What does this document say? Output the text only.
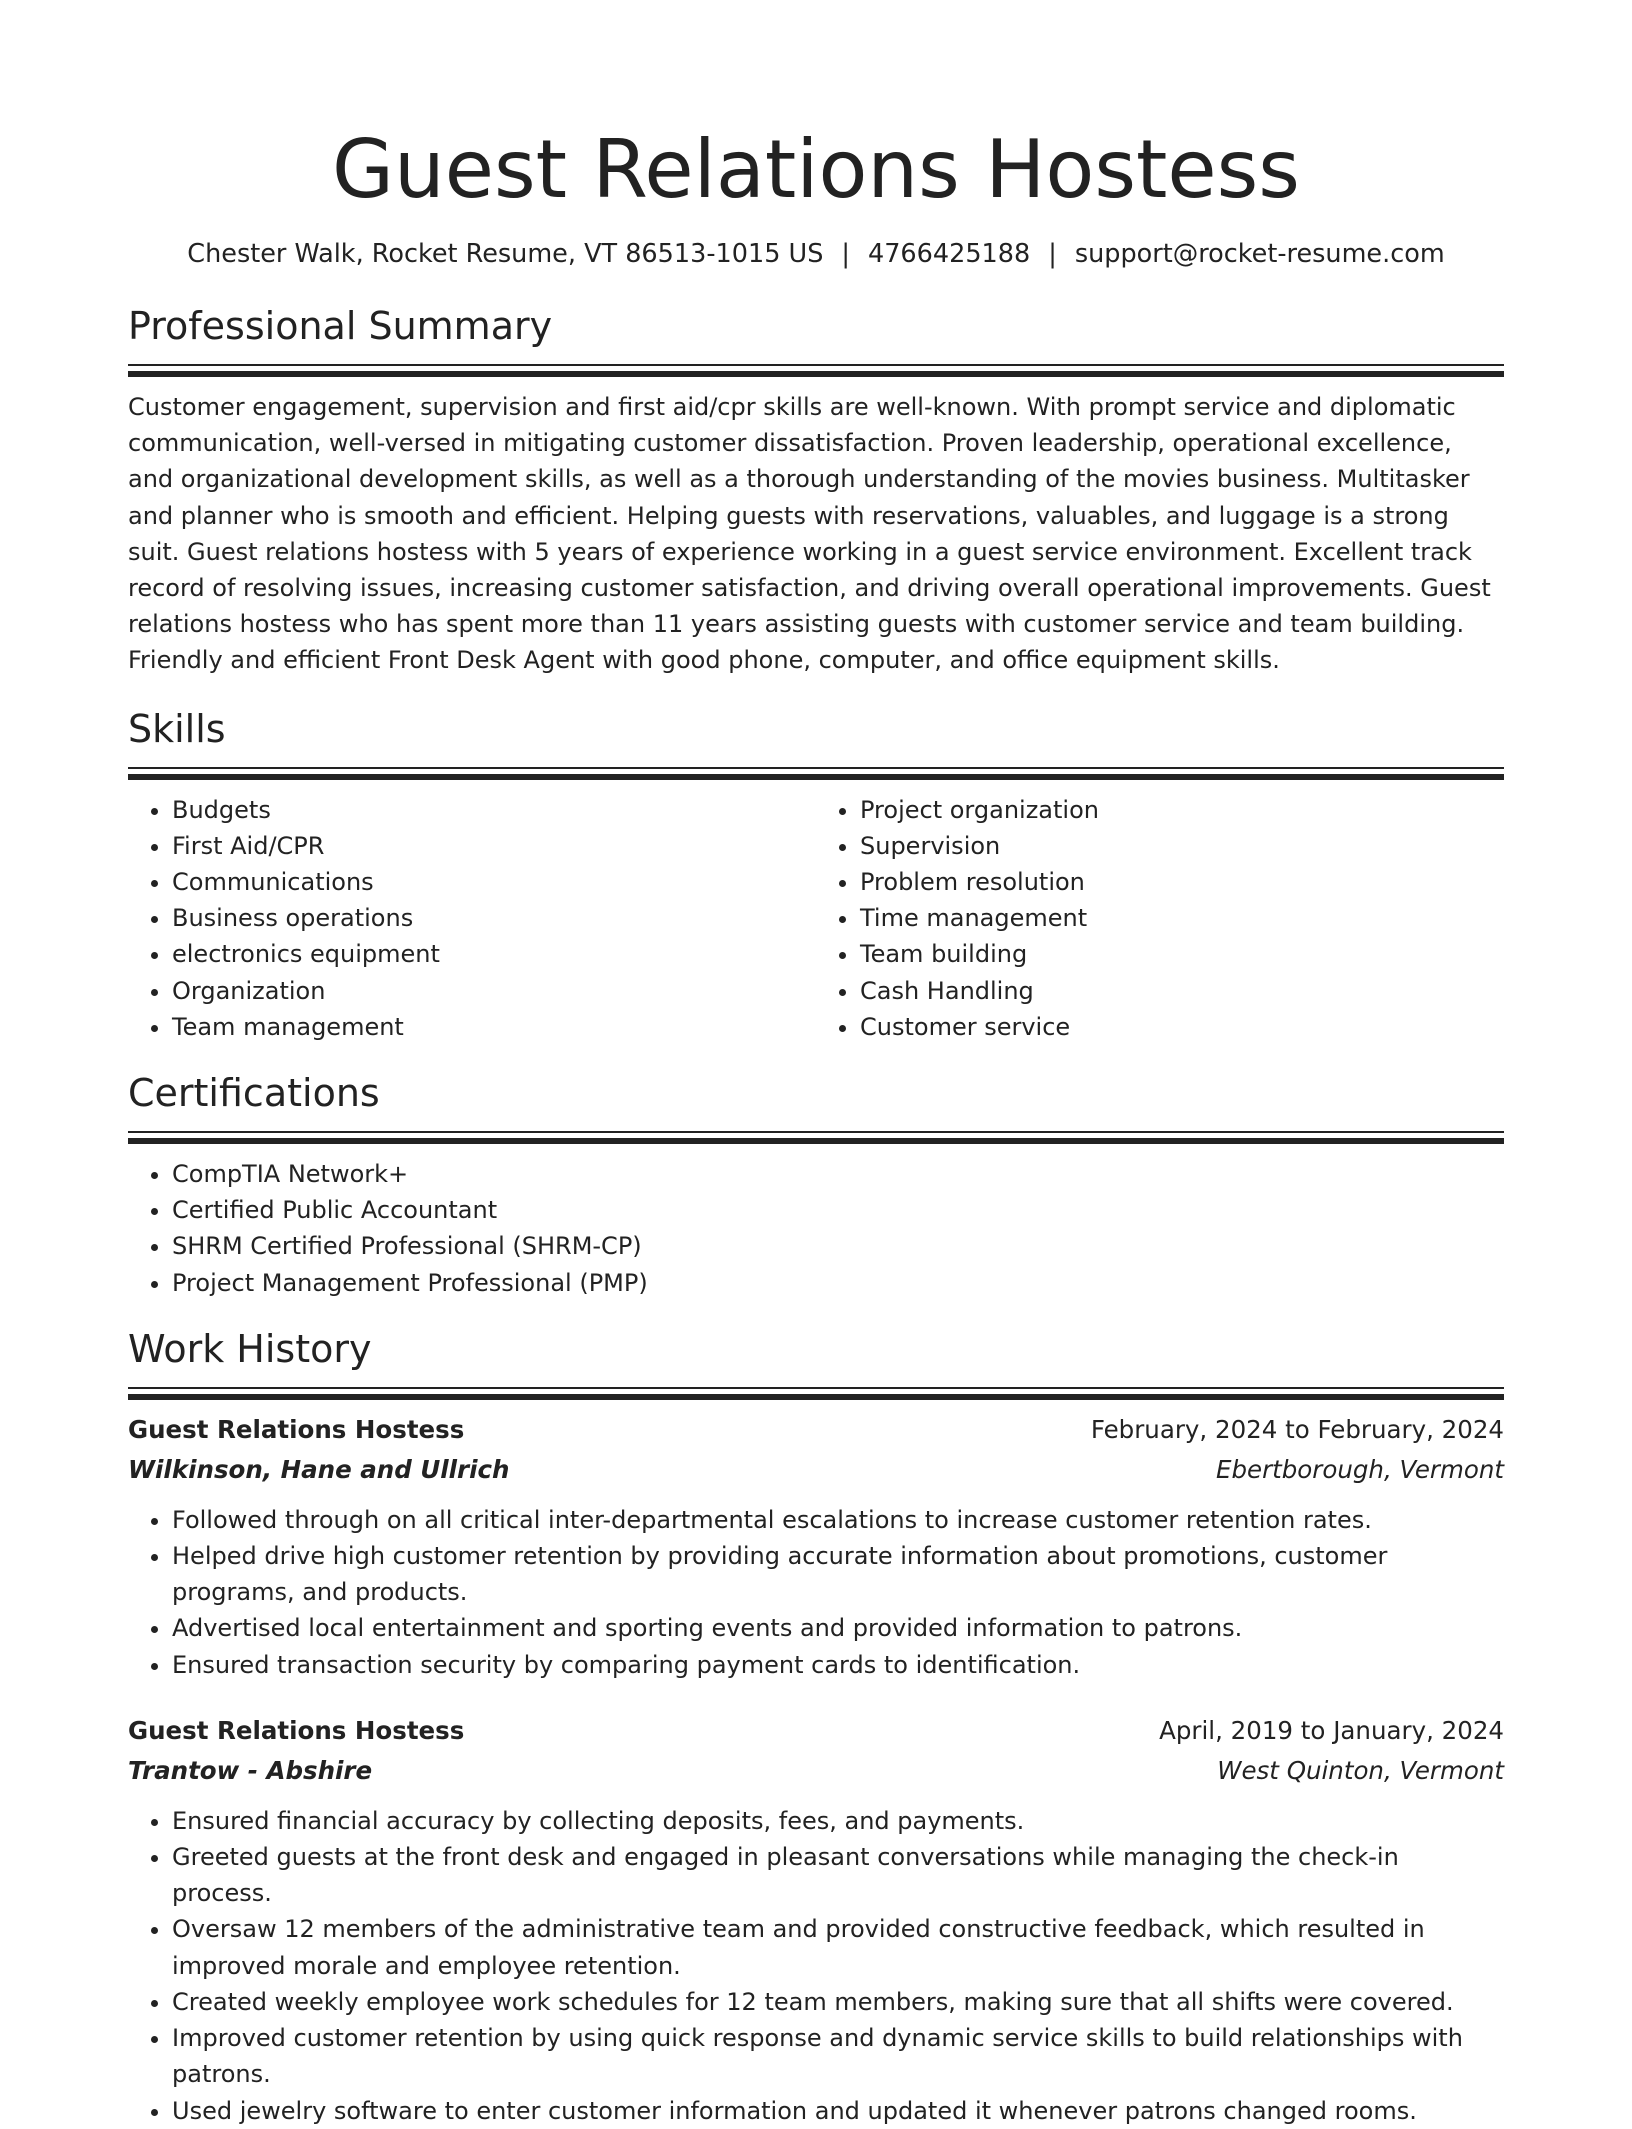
Guest Relations Hostess
Chester Walk, Rocket Resume, VT 86513-1015 US | 4766425188 | support@rocket-resume.com
Professional Summary

Customer engagement, supervision and first aid/cpr skills are well-known. With prompt service and diplomatic communication, well-versed in mitigating customer dissatisfaction. Proven leadership, operational excellence, and organizational development skills, as well as a thorough understanding of the movies business. Multitasker and planner who is smooth and efficient. Helping guests with reservations, valuables, and luggage is a strong suit. Guest relations hostess with 5 years of experience working in a guest service environment. Excellent track record of resolving issues, increasing customer satisfaction, and driving overall operational improvements. Guest relations hostess who has spent more than 11 years assisting guests with customer service and team building. Friendly and efficient Front Desk Agent with good phone, computer, and office equipment skills.

Skills
• Budgets
• First Aid/CPR
• Communications
• Business operations
• electronics equipment
• Organization
• Team management
• Project organization
• Supervision
• Problem resolution
• Time management
• Team building
• Cash Handling
• Customer service
Certifications
• CompTIA Network+
• Certified Public Accountant
• SHRM Certified Professional (SHRM-CP)
• Project Management Professional (PMP)
Work History
Guest Relations Hostess	February, 2024 to February, 2024
Wilkinson, Hane and Ullrich	Ebertborough, Vermont
• Followed through on all critical inter-departmental escalations to increase customer retention rates.
• Helped drive high customer retention by providing accurate information about promotions, customer programs, and products.
• Advertised local entertainment and sporting events and provided information to patrons.
• Ensured transaction security by comparing payment cards to identification.
Guest Relations Hostess	April, 2019 to January, 2024
Trantow - Abshire	West Quinton, Vermont
• Ensured financial accuracy by collecting deposits, fees, and payments.
• Greeted guests at the front desk and engaged in pleasant conversations while managing the check-in process.
• Oversaw 12 members of the administrative team and provided constructive feedback, which resulted in improved morale and employee retention.
• Created weekly employee work schedules for 12 team members, making sure that all shifts were covered.
• Improved customer retention by using quick response and dynamic service skills to build relationships with patrons.
• Used jewelry software to enter customer information and updated it whenever patrons changed rooms.
